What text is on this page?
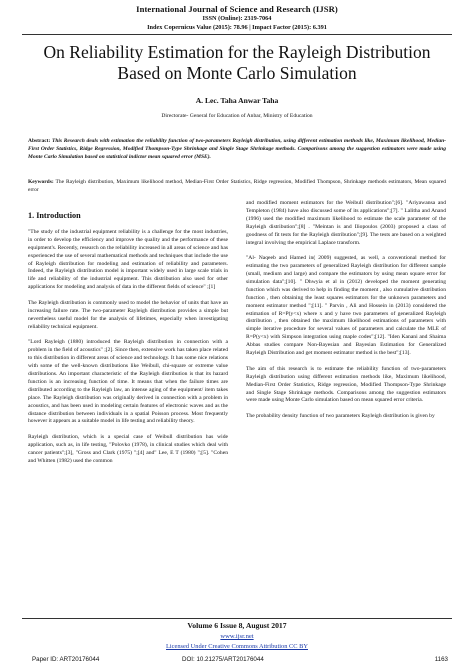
International Journal of Science and Research (IJSR)
ISSN (Online): 2319-7064
Index Copernicus Value (2015): 78.96 | Impact Factor (2015): 6.391
On Reliability Estimation for the Rayleigh Distribution Based on Monte Carlo Simulation
A. Lec. Taha Anwar Taha
Directorate- General for Education of Anbar, Ministry of Education
Abstract: This Research deals with estimation the reliability function of two-parameters Rayleigh distribution, using different estimation methods like, Maximum likelihood, Median-First Order Statistics, Ridge Regression, Modified Thompson-Type Shrinkage and Single Stage Shrinkage methods. Comparisons among the suggestion estimators were made using Monte Carlo Simulation based on statistical indictor mean squared error (MSE).
Keywords: The Rayleigh distribution, Maximum likelihood method, Median-First Order Statistics, Ridge regression, Modified Thompson, Shrinkage methods estimators, Mean squared error
1. Introduction

"The study of the industrial equipment reliability is a challenge for the most industries, in order to develop the efficiency and improve the quality and the performance of these equipment's. Recently, research on the reliability increased in all areas of science and has experienced the use of several mathematical methods and techniques that include the use of Rayleigh distribution for modeling and estimation of reliability and parameters. Indeed, the Rayleigh distribution model is important widely used in large scale trials in life and reliability of the industrial equipment. This distribution also used for other applications for modeling and analysis of data in the different fields of science" ;[1]

The Rayleigh distribution is commonly used to model the behavior of units that have an increasing failure rate. The two-parameter Rayleigh distribution provides a simple but nevertheless useful model for the analysis of lifetimes, especially when investigating reliability technical equipment.

"Lord Rayleigh (1880) introduced the Rayleigh distribution in connection with a problem in the field of acoustics" ;[2]. Since then, extensive work has taken place related to this distribution in different areas of science and technology. It has some nice relations with some of the well-known distributions like Weibull, chi-square or extreme value distributions. An important characteristic of the Rayleigh distribution is that its hazard function is an increasing function of time. It means that when the failure times are distributed according to the Rayleigh law, an intense aging of the equipment/ item takes place. The Rayleigh distribution was originally derived in connection with a problem in acoustics, and has been used in modeling certain features of electronic waves and as the distance distribution between individuals in a spatial Poisson process. Most frequently however it appears as a suitable model in life testing and reliability theory.

Rayleigh distribution, which is a special case of Weibull distribution has wide application, such as, in life testing, "Polovko (1978), in clinical studies which deal with cancer patients";[3], "Gross and Clark (1975) ";[4] and" Lee, E T (1980) ";[5]. "Cohen and Whitten (1982) used the common

and modified moment estimators for the Weibull distribution";[6]. "Ariyawansa and Templeton (1984) have also discussed some of its applications";[7]. " Lalitha and Anand (1996) used the modified maximum likelihood to estimate the scale parameter of the Rayleigh distribution";[8] . "Meintan is and Iliopoulos (2003) proposed a class of goodness of fit tests for the Rayleigh distribution";[9]. The tests are based on a weighted integral involving the empirical Laplace transform.

"Al- Naqeeb and Hamed in( 2009) suggested, as well, a conventional method for estimating the two parameters of generalized Rayleigh distribution for different sample (small, medium and large) and compare the estimators by using mean square error for simulation data";[10]. " Dhwyia et al in (2012) developed the moment generating function which was derived to help in finding the moment , also cumulative distribution function , then obtaining the least squares estimators for the unknown parameters and moment estimator method ";[11]. " Parvin , Ali and Hossein in (2013) considered the estimation of R=P(y<x) where x and y have two parameters of generalized Rayleigh distribution , then obtained the maximum likelihood estimations of parameters with simple iterative procedure for several values of parameters and calculate the MLE of R=P(y<x) with Simpson integration using maple codes";[12]. "Iden Kanani and Shaima Abbas studies compare Non-Bayesian and Bayesian Estimation for Generalized Rayleigh Distribution and get moment estimator method is the best";[13].

The aim of this research is to estimate the reliability function of two-parameters Rayleigh distribution using different estimation methods like, Maximum likelihood, Median-First Order Statistics, Ridge regression, Modified Thompson-Type Shrinkage and Single Stage Shrinkage methods. Comparisons among the suggestion estimators were made using Monte Carlo simulation based on mean squared error criteria.

The probability density function of two parameters Rayleigh distribution is given by

Volume 6 Issue 8, August 2017
www.ijsr.net
Licensed Under Creative Commons Attribution CC BY
Paper ID: ART20176044	DOI: 10.21275/ART20176044	1163
